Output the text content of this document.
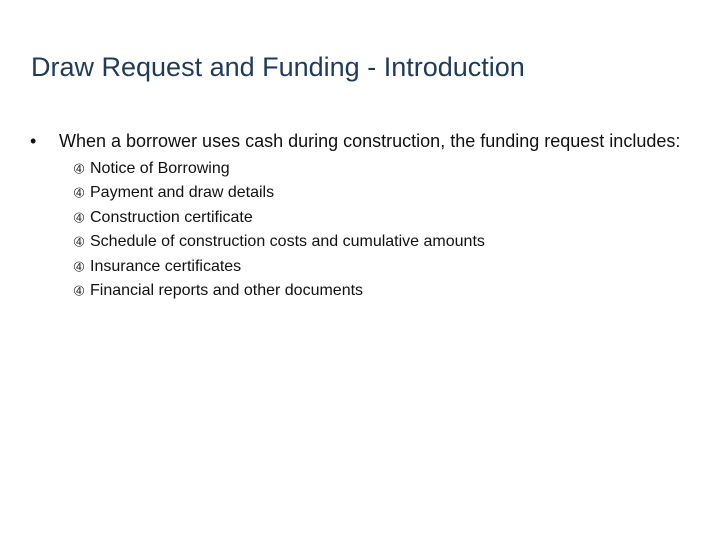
Draw Request and Funding - Introduction
• When a borrower uses cash during construction, the funding request includes:
➃ Notice of Borrowing
➃ Payment and draw details
➃ Construction certificate
➃ Schedule of construction costs and cumulative amounts
➃ Insurance certificates
➃ Financial reports and other documents
